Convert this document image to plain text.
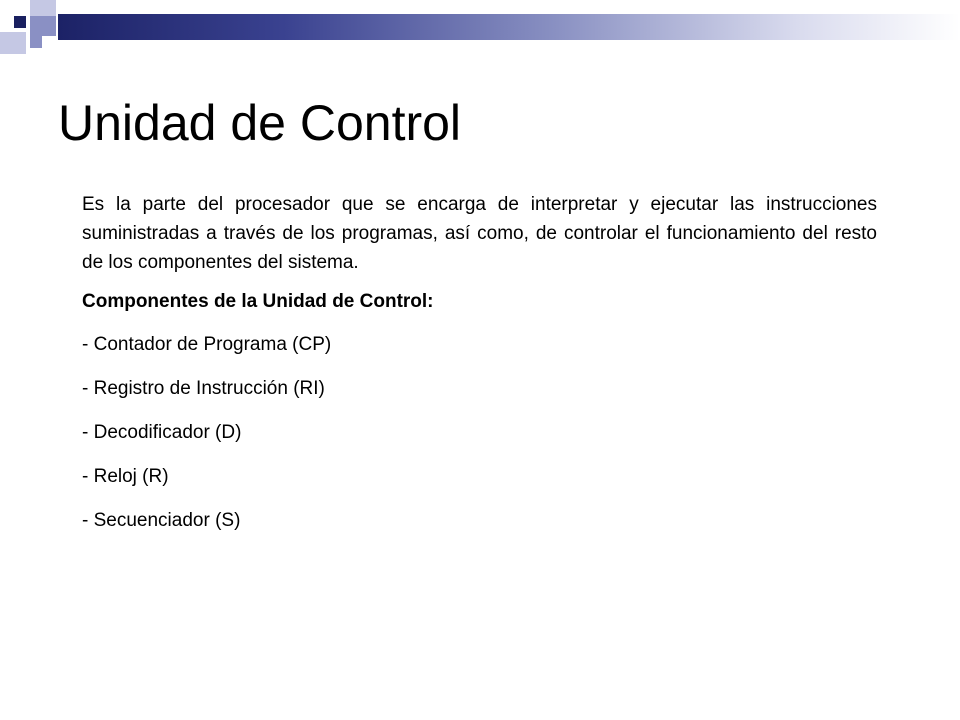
Unidad de Control

Es la parte del procesador que se encarga de interpretar y ejecutar las instrucciones suministradas a través de los programas, así como, de controlar el funcionamiento del resto de los componentes del sistema.

Componentes de la Unidad de Control:

- Contador de Programa (CP)

- Registro de Instrucción (RI)

- Decodificador (D)

- Reloj (R)

- Secuenciador (S)
